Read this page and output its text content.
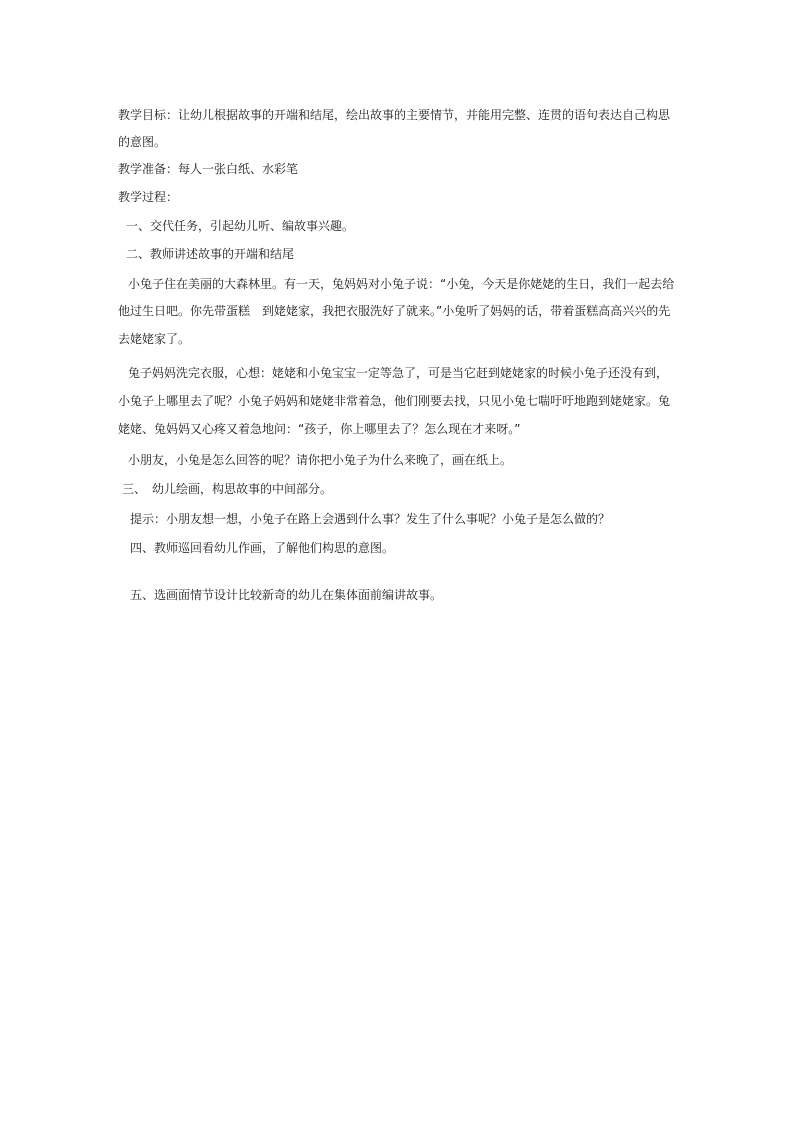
教学目标：让幼儿根据故事的开端和结尾，绘出故事的主要情节，并能用完整、连贯的语句表达自己构思
的意图。
教学准备：每人一张白纸、水彩笔
教学过程：
一、交代任务，引起幼儿听、编故事兴趣。
二、教师讲述故事的开端和结尾
小兔子住在美丽的大森林里。有一天，兔妈妈对小兔子说：“小兔，今天是你姥姥的生日，我们一起去给
他过生日吧。你先带蛋糕　到姥姥家，我把衣服洗好了就来。”小兔听了妈妈的话，带着蛋糕高高兴兴的先
去姥姥家了。
兔子妈妈洗完衣服，心想：姥姥和小兔宝宝一定等急了，可是当它赶到姥姥家的时候小兔子还没有到，
小兔子上哪里去了呢？小兔子妈妈和姥姥非常着急，他们刚要去找，只见小兔七喘吁吁地跑到姥姥家。兔
姥姥、兔妈妈又心疼又着急地问：“孩子，你上哪里去了？怎么现在才来呀。”
小朋友，小兔是怎么回答的呢？请你把小兔子为什么来晚了，画在纸上。
三、　幼儿绘画，构思故事的中间部分。
提示：小朋友想一想，小兔子在路上会遇到什么事？发生了什么事呢？小兔子是怎么做的？
四、教师巡回看幼儿作画，了解他们构思的意图。
五、选画面情节设计比较新奇的幼儿在集体面前编讲故事。
